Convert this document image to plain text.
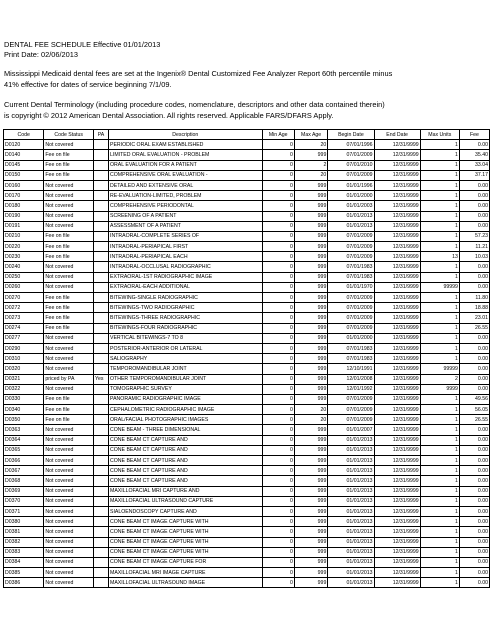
DENTAL FEE SCHEDULE Effective 01/01/2013
Print Date: 02/06/2013
Mississippi Medicaid dental fees are set at the Ingenix® Dental Customized Fee Analyzer Report 60th percentile minus
41% effective for dates of service beginning 7/1/09.
Current Dental Terminology (including procedure codes, nomenclature, descriptors and other data contained therein)
is copyright © 2012 American Dental Association. All rights reserved. Applicable FARS/DFARS Apply.
Code	Code Status	PA	Description	Min Age	Max Age	Begin Date	End Date	Max Units	Fee
D0120	Not covered		PERIODIC ORAL EXAM ESTABLISHED	0	20	07/01/1996	12/31/9999	1	0.00
D0140	Fee on file		LIMITED ORAL EVALUATION - PROBLEM	0	999	07/01/2009	12/31/9999	1	35.40
D0145	Fee on file		ORAL EVALUATION FOR A PATIENT	0	2	07/01/2010	12/31/9999	1	33.04
D0150	Fee on file		COMPREHENSIVE ORAL EVALUATION -	0	20	07/01/2009	12/31/9999	1	37.17
D0160	Not covered		DETAILED AND EXTENSIVE ORAL	0	999	01/01/1996	12/31/9999	1	0.00
D0170	Not covered		RE-EVALUATION-LIMITED, PROBLEM	0	999	01/01/2000	12/31/9999	1	0.00
D0180	Not covered		COMPREHENSIVE PERIODONTAL	0	999	01/01/2003	12/31/9999	1	0.00
D0190	Not covered		SCREENING OF A PATIENT	0	999	01/01/2013	12/31/9999	1	0.00
D0191	Not covered		ASSESSMENT OF A PATIENT	0	999	01/01/2013	12/31/9999	1	0.00
D0210	Fee on file		INTRAORAL-COMPLETE SERIES OF	0	999	07/01/2009	12/31/9999	1	57.23
D0220	Fee on file		INTRAORAL-PERIAPICAL FIRST	0	999	07/01/2009	12/31/9999	1	11.21
D0230	Fee on file		INTRAORAL-PERIAPICAL EACH	0	999	07/01/2009	12/31/9999	13	10.03
D0240	Not covered		INTRAORAL-OCCLUSAL RADIOGRAPHIC	0	999	07/01/1983	12/31/9999	1	0.00
D0250	Not covered		EXTRAORAL-1ST RADIOGRAPHIC IMAGE	0	999	07/01/1983	12/31/9999	1	0.00
D0260	Not covered		EXTRAORAL-EACH ADDITIONAL	0	999	01/01/1970	12/31/9999	99999	0.00
D0270	Fee on file		BITEWING-SINGLE RADIOGRAPHIC	0	999	07/01/2009	12/31/9999	1	11.80
D0272	Fee on file		BITEWINGS-TWO RADIOGRAPHIC	0	999	07/01/2009	12/31/9999	1	18.88
D0273	Fee on file		BITEWINGS-THREE RADIOGRAPHIC	0	999	07/01/2009	12/31/9999	1	23.01
D0274	Fee on file		BITEWINGS-FOUR RADIOGRAPHIC	0	999	07/01/2009	12/31/9999	1	26.55
D0277	Not covered		VERTICAL BITEWINGS-7 TO 8	0	999	01/01/2000	12/31/9999	1	0.00
D0290	Not covered		POSTERIOR-ANTERIOR OR LATERAL	0	999	07/01/1983	12/31/9999	1	0.00
D0310	Not covered		SALIOGRAPHY	0	999	07/01/1983	12/31/9999	1	0.00
D0320	Not covered		TEMPOROMANDIBULAR JOINT	0	999	12/10/1991	12/31/9999	99999	0.00
D0321	priced by PA	Yes	OTHER TEMPOROMANDIBULAR JOINT	0	999	12/01/2008	12/31/9999	2	0.00
D0322	Not covered		TOMOGRAPHIC SURVEY	0	999	12/01/1992	12/31/9999	9999	0.00
D0330	Fee on file		PANORAMIC RADIOGRAPHIC IMAGE	0	999	07/01/2009	12/31/9999	1	49.56
D0340	Fee on file		CEPHALOMETRIC RADIOGRAPHIC IMAGE	0	20	07/01/2009	12/31/9999	1	56.05
D0350	Fee on file		ORAL/FACIAL PHOTOGRAPHIC IMAGES	0	20	07/01/2009	12/31/9999	1	26.55
D0363	Not covered		CONE BEAM - THREE DIMENSIONAL	0	999	01/01/2007	12/31/9999	1	0.00
D0364	Not covered		CONE BEAM CT CAPTURE AND	0	999	01/01/2013	12/31/9999	1	0.00
D0365	Not covered		CONE BEAM CT CAPTURE AND	0	999	01/01/2013	12/31/9999	1	0.00
D0366	Not covered		CONE BEAM CT CAPTURE AND	0	999	01/01/2013	12/31/9999	1	0.00
D0367	Not covered		CONE BEAM CT CAPTURE AND	0	999	01/01/2013	12/31/9999	1	0.00
D0368	Not covered		CONE BEAM CT CAPTURE AND	0	999	01/01/2013	12/31/9999	1	0.00
D0369	Not covered		MAXILLOFACIAL MRI CAPTURE AND	0	999	01/01/2013	12/31/9999	1	0.00
D0370	Not covered		MAXILLOFACIAL ULTRASOUND CAPTURE	0	999	01/01/2013	12/31/9999	1	0.00
D0371	Not covered		SIALOENDOSCOPY CAPTURE AND	0	999	01/01/2013	12/31/9999	1	0.00
D0380	Not covered		CONE BEAM CT IMAGE CAPTURE WITH	0	999	01/01/2013	12/31/9999	1	0.00
D0381	Not covered		CONE BEAM CT IMAGE CAPTURE WITH	0	999	01/01/2013	12/31/9999	1	0.00
D0382	Not covered		CONE BEAM CT IMAGE CAPTURE WITH	0	999	01/01/2013	12/31/9999	1	0.00
D0383	Not covered		CONE BEAM CT IMAGE CAPTURE WITH	0	999	01/01/2013	12/31/9999	1	0.00
D0384	Not covered		CONE BEAM CT IMAGE CAPTURE FOR	0	999	01/01/2013	12/31/9999	1	0.00
D0385	Not covered		MAXILLOFACIAL MRI IMAGE CAPTURE	0	999	01/01/2013	12/31/9999	1	0.00
D0386	Not covered		MAXILLOFACIAL ULTRASOUND IMAGE	0	999	01/01/2013	12/31/9999	1	0.00
